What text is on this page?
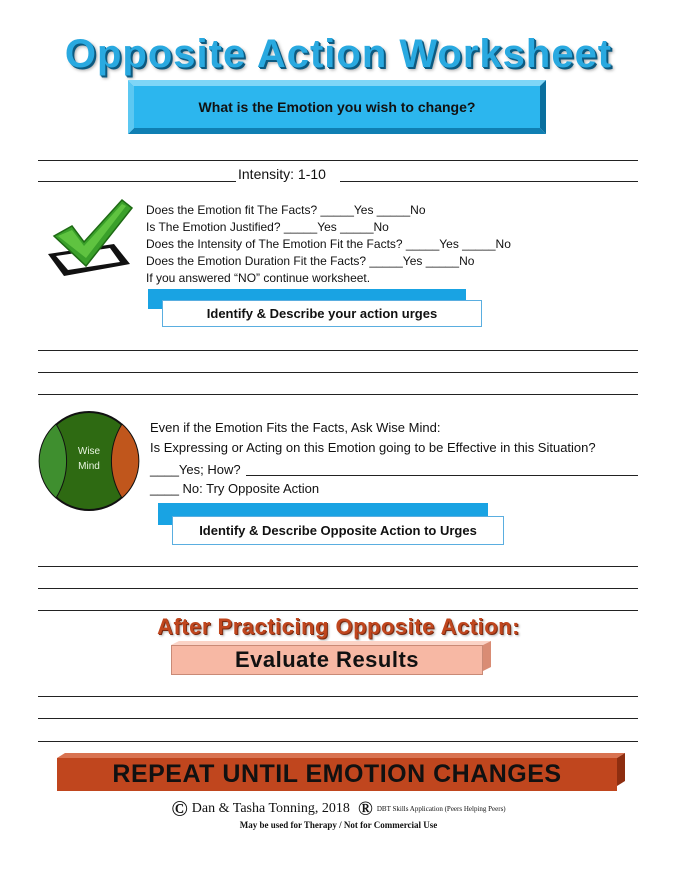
Opposite Action Worksheet
What is the Emotion you wish to change?
Intensity: 1-10
Does the Emotion fit The Facts? _____Yes _____No
Is The Emotion Justified? _____Yes _____No
Does the Intensity of The Emotion Fit the Facts? _____Yes _____No
Does the Emotion Duration Fit the Facts? _____Yes _____No
If you answered “NO” continue worksheet.
Identify & Describe your action urges
Wise
Mind
Even if the Emotion Fits the Facts, Ask Wise Mind:
Is Expressing or Acting on this Emotion going to be Effective in this Situation?
____Yes; How?
____ No: Try Opposite Action
Identify & Describe Opposite Action to Urges
After Practicing Opposite Action:
Evaluate Results
REPEAT UNTIL EMOTION CHANGES
© Dan & Tasha Tonning, 2018 ® DBT Skills Application (Peers Helping Peers)
May be used for Therapy / Not for Commercial Use
